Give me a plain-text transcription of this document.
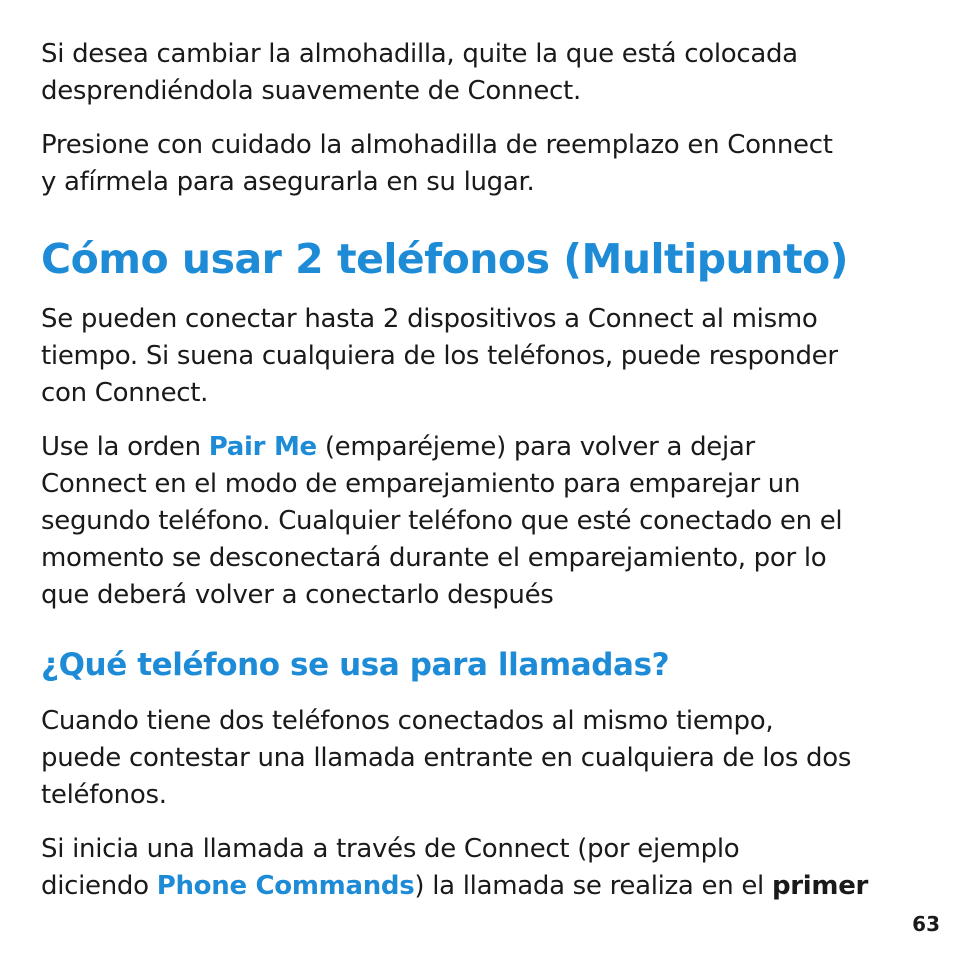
Si desea cambiar la almohadilla, quite la que está colocada
desprendiéndola suavemente de Connect.

Presione con cuidado la almohadilla de reemplazo en Connect
y afírmela para asegurarla en su lugar.

Cómo usar 2 teléfonos (Multipunto)

Se pueden conectar hasta 2 dispositivos a Connect al mismo
tiempo. Si suena cualquiera de los teléfonos, puede responder
con Connect.

Use la orden Pair Me (emparéjeme) para volver a dejar
Connect en el modo de emparejamiento para emparejar un
segundo teléfono. Cualquier teléfono que esté conectado en el
momento se desconectará durante el emparejamiento, por lo
que deberá volver a conectarlo después

¿Qué teléfono se usa para llamadas?

Cuando tiene dos teléfonos conectados al mismo tiempo,
puede contestar una llamada entrante en cualquiera de los dos
teléfonos.

Si inicia una llamada a través de Connect (por ejemplo
diciendo Phone Commands) la llamada se realiza en el primer

63
